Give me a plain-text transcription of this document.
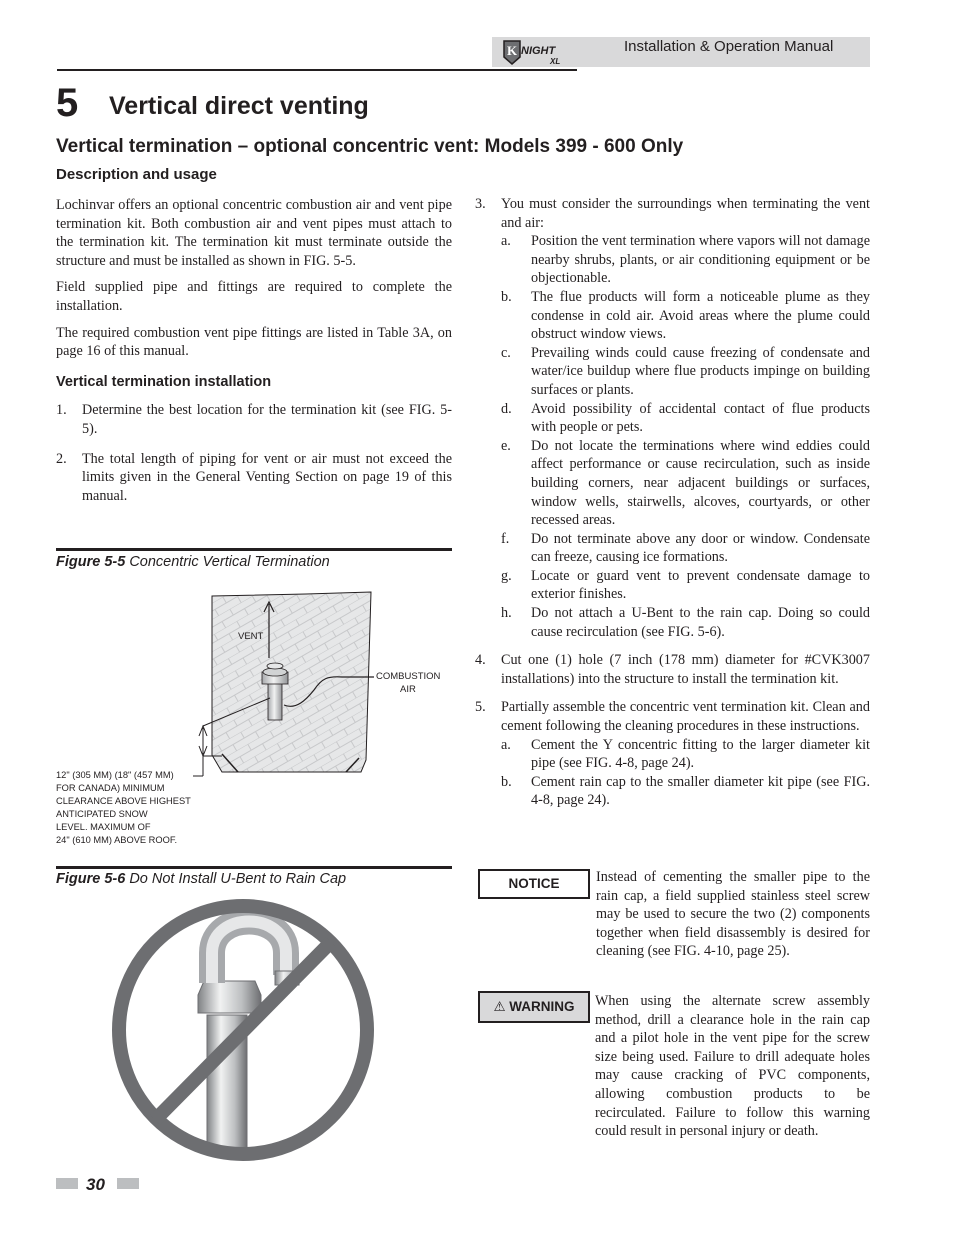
K NIGHT
XL
Installation & Operation Manual
5 Vertical direct venting
Vertical termination – optional concentric vent: Models 399 - 600 Only
Description and usage

Lochinvar offers an optional concentric combustion air and vent pipe termination kit. Both combustion air and vent pipes must attach to the termination kit. The termination kit must terminate outside the structure and must be installed as shown in FIG. 5-5.

Field supplied pipe and fittings are required to complete the installation.

The required combustion vent pipe fittings are listed in Table 3A, on page 16 of this manual.

Vertical termination installation
1. Determine the best location for the termination kit (see FIG. 5-5).
2. The total length of piping for vent or air must not exceed the limits given in the General Venting Section on page 19 of this manual.
Figure 5-5 Concentric Vertical Termination
VENT
COMBUSTION
AIR
12" (305 MM) (18" (457 MM)
FOR CANADA) MINIMUM
CLEARANCE ABOVE HIGHEST
ANTICIPATED SNOW
LEVEL. MAXIMUM OF
24" (610 MM) ABOVE ROOF.
Figure 5-6 Do Not Install U-Bent to Rain Cap
3. You must consider the surroundings when terminating the vent and air:
a. Position the vent termination where vapors will not damage nearby shrubs, plants, or air conditioning equipment or be objectionable.
b. The flue products will form a noticeable plume as they condense in cold air. Avoid areas where the plume could obstruct window views.
c. Prevailing winds could cause freezing of condensate and water/ice buildup where flue products impinge on building surfaces or plants.
d. Avoid possibility of accidental contact of flue products with people or pets.
e. Do not locate the terminations where wind eddies could affect performance or cause recirculation, such as inside building corners, near adjacent buildings or surfaces, window wells, stairwells, alcoves, courtyards, or other recessed areas.
f. Do not terminate above any door or window. Condensate can freeze, causing ice formations.
g. Locate or guard vent to prevent condensate damage to exterior finishes.
h. Do not attach a U-Bent to the rain cap. Doing so could cause recirculation (see FIG. 5-6).
4. Cut one (1) hole (7 inch (178 mm) diameter for #CVK3007 installations) into the structure to install the termination kit.
5. Partially assemble the concentric vent termination kit. Clean and cement following the cleaning procedures in these instructions.
a. Cement the Y concentric fitting to the larger diameter kit pipe (see FIG. 4-8, page 24).
b. Cement rain cap to the smaller diameter kit pipe (see FIG. 4-8, page 24).
NOTICE	Instead of cementing the smaller pipe to the rain cap, a field supplied stainless steel screw may be used to secure the two (2) components together when field disassembly is desired for cleaning (see FIG. 4-10, page 25).
⚠ WARNING	When using the alternate screw assembly method, drill a clearance hole in the rain cap and a pilot hole in the vent pipe for the screw size being used. Failure to drill adequate holes may cause cracking of PVC components, allowing combustion products to be recirculated. Failure to follow this warning could result in personal injury or death.
30
